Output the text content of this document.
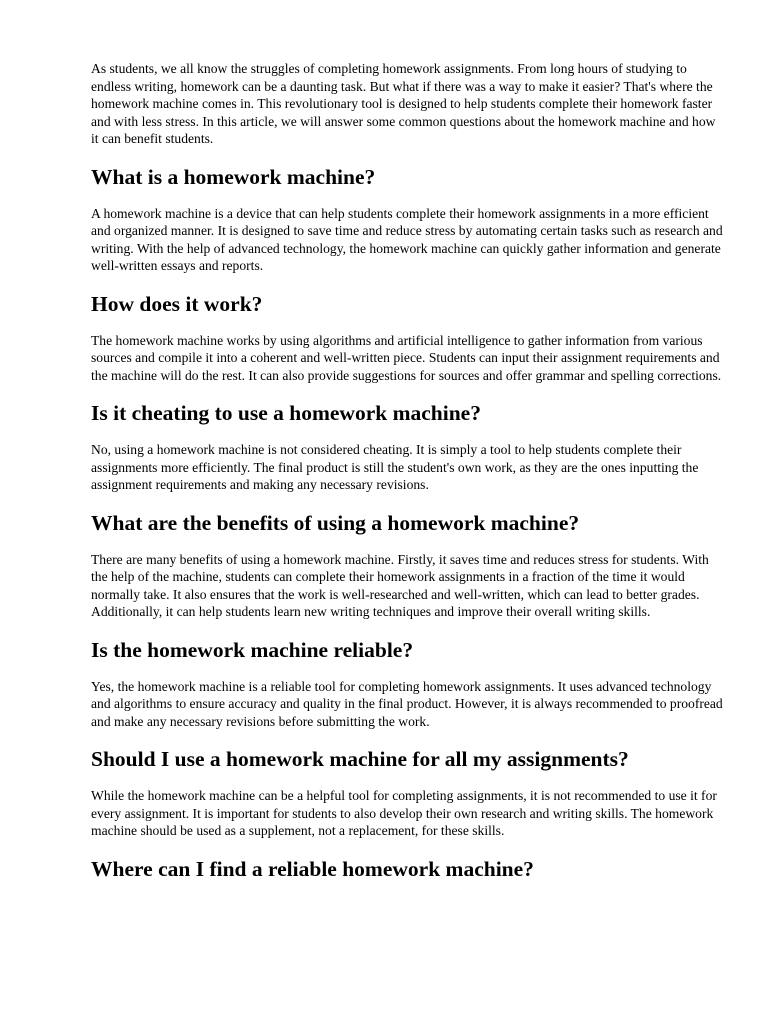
As students, we all know the struggles of completing homework assignments. From long hours of studying to endless writing, homework can be a daunting task. But what if there was a way to make it easier? That's where the homework machine comes in. This revolutionary tool is designed to help students complete their homework faster and with less stress. In this article, we will answer some common questions about the homework machine and how it can benefit students.

What is a homework machine?

A homework machine is a device that can help students complete their homework assignments in a more efficient and organized manner. It is designed to save time and reduce stress by automating certain tasks such as research and writing. With the help of advanced technology, the homework machine can quickly gather information and generate well-written essays and reports.

How does it work?

The homework machine works by using algorithms and artificial intelligence to gather information from various sources and compile it into a coherent and well-written piece. Students can input their assignment requirements and the machine will do the rest. It can also provide suggestions for sources and offer grammar and spelling corrections.

Is it cheating to use a homework machine?

No, using a homework machine is not considered cheating. It is simply a tool to help students complete their assignments more efficiently. The final product is still the student's own work, as they are the ones inputting the assignment requirements and making any necessary revisions.

What are the benefits of using a homework machine?

There are many benefits of using a homework machine. Firstly, it saves time and reduces stress for students. With the help of the machine, students can complete their homework assignments in a fraction of the time it would normally take. It also ensures that the work is well-researched and well-written, which can lead to better grades. Additionally, it can help students learn new writing techniques and improve their overall writing skills.

Is the homework machine reliable?

Yes, the homework machine is a reliable tool for completing homework assignments. It uses advanced technology and algorithms to ensure accuracy and quality in the final product. However, it is always recommended to proofread and make any necessary revisions before submitting the work.

Should I use a homework machine for all my assignments?

While the homework machine can be a helpful tool for completing assignments, it is not recommended to use it for every assignment. It is important for students to also develop their own research and writing skills. The homework machine should be used as a supplement, not a replacement, for these skills.

Where can I find a reliable homework machine?
